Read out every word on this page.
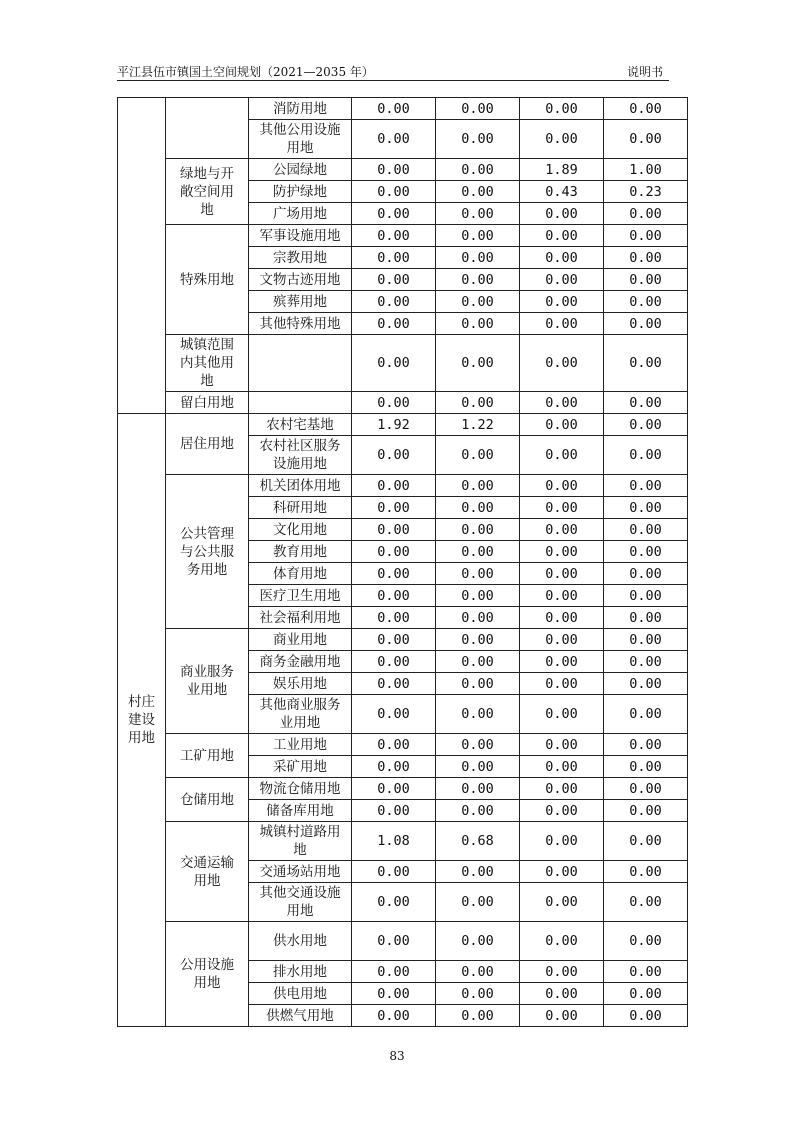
平江县伍市镇国土空间规划（2021—2035 年）	说明书
		消防用地	0.00	0.00	0.00	0.00
		其他公用设施用地	0.00	0.00	0.00	0.00
	绿地与开敞空间用地	公园绿地	0.00	0.00	1.89	1.00
		防护绿地	0.00	0.00	0.43	0.23
		广场用地	0.00	0.00	0.00	0.00
	特殊用地	军事设施用地	0.00	0.00	0.00	0.00
		宗教用地	0.00	0.00	0.00	0.00
		文物古迹用地	0.00	0.00	0.00	0.00
		殡葬用地	0.00	0.00	0.00	0.00
		其他特殊用地	0.00	0.00	0.00	0.00
	城镇范围内其他用地		0.00	0.00	0.00	0.00
	留白用地		0.00	0.00	0.00	0.00
村庄建设用地	居住用地	农村宅基地	1.92	1.22	0.00	0.00
		农村社区服务设施用地	0.00	0.00	0.00	0.00
	公共管理与公共服务用地	机关团体用地	0.00	0.00	0.00	0.00
		科研用地	0.00	0.00	0.00	0.00
		文化用地	0.00	0.00	0.00	0.00
		教育用地	0.00	0.00	0.00	0.00
		体育用地	0.00	0.00	0.00	0.00
		医疗卫生用地	0.00	0.00	0.00	0.00
		社会福利用地	0.00	0.00	0.00	0.00
	商业服务业用地	商业用地	0.00	0.00	0.00	0.00
		商务金融用地	0.00	0.00	0.00	0.00
		娱乐用地	0.00	0.00	0.00	0.00
		其他商业服务业用地	0.00	0.00	0.00	0.00
	工矿用地	工业用地	0.00	0.00	0.00	0.00
		采矿用地	0.00	0.00	0.00	0.00
	仓储用地	物流仓储用地	0.00	0.00	0.00	0.00
		储备库用地	0.00	0.00	0.00	0.00
	交通运输用地	城镇村道路用地	1.08	0.68	0.00	0.00
		交通场站用地	0.00	0.00	0.00	0.00
		其他交通设施用地	0.00	0.00	0.00	0.00
	公用设施用地	供水用地	0.00	0.00	0.00	0.00
		排水用地	0.00	0.00	0.00	0.00
		供电用地	0.00	0.00	0.00	0.00
		供燃气用地	0.00	0.00	0.00	0.00
83
